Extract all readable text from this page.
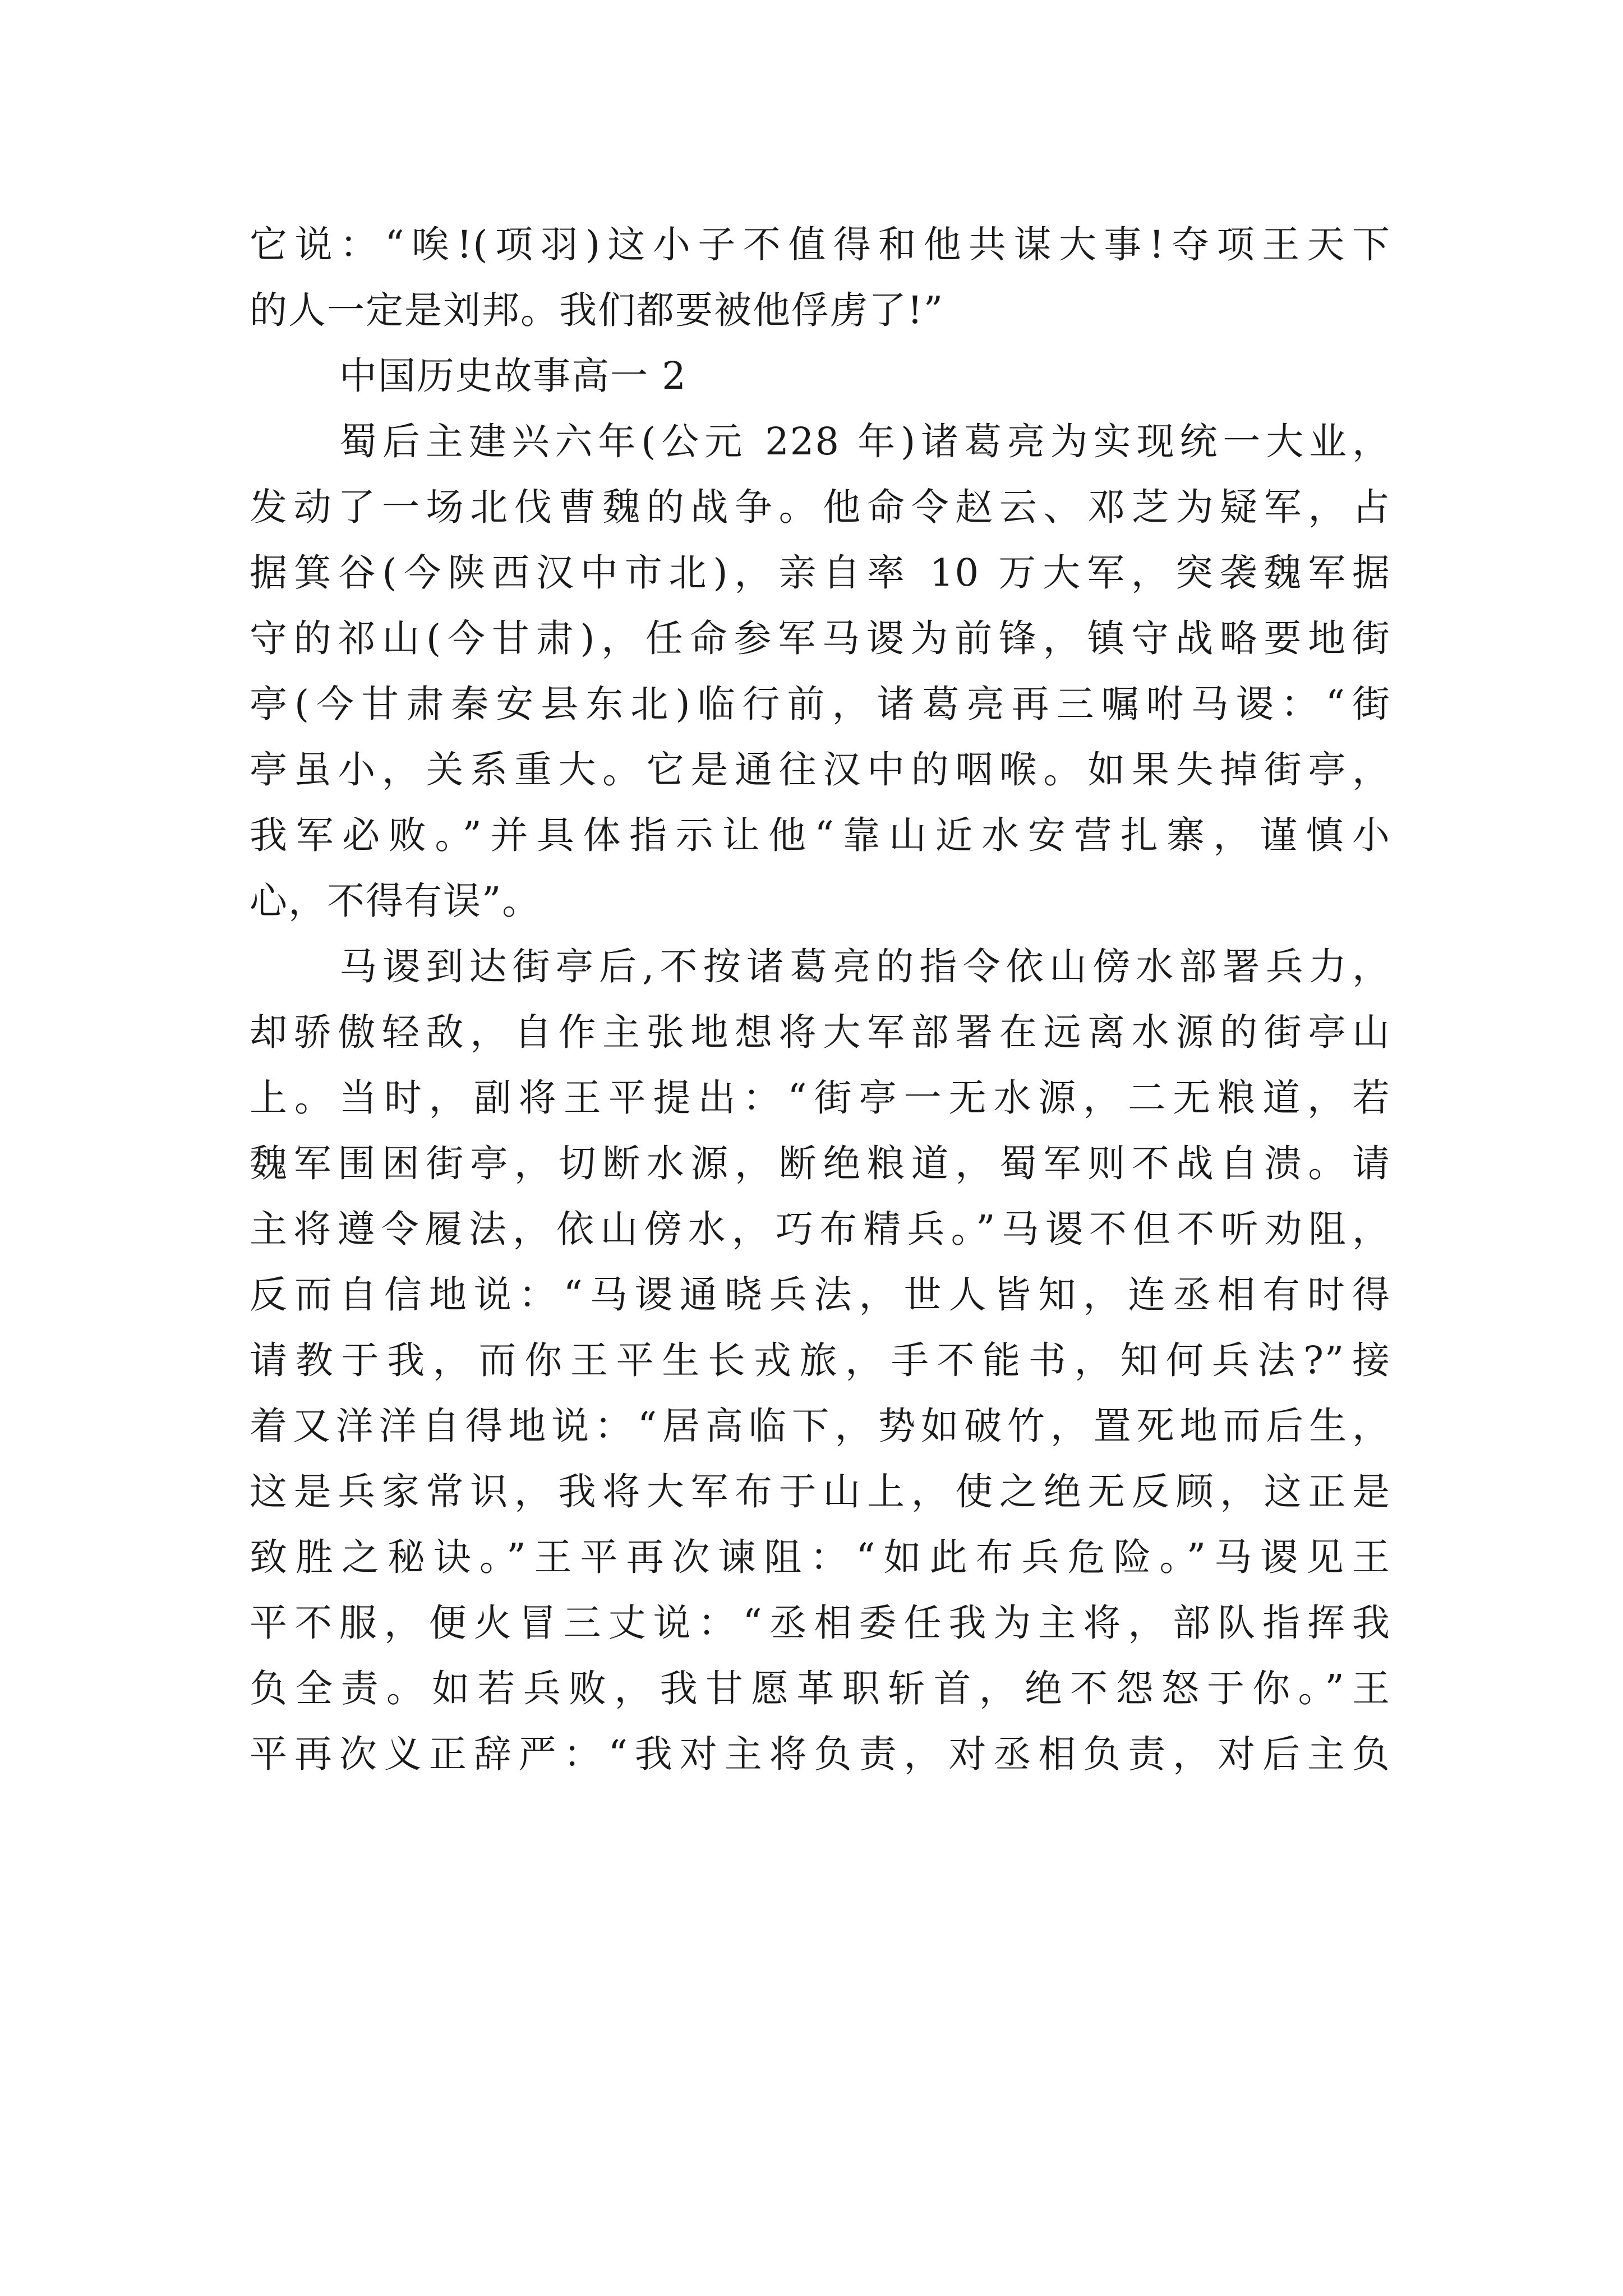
它说：“唉!(项羽)这小子不值得和他共谋大事!夺项王天下
的人一定是刘邦。我们都要被他俘虏了!”
中国历史故事高一 2
蜀后主建兴六年(公元 228 年)诸葛亮为实现统一大业，
发动了一场北伐曹魏的战争。他命令赵云、邓芝为疑军，占
据箕谷(今陕西汉中市北)，亲自率 10 万大军，突袭魏军据
守的祁山(今甘肃)，任命参军马谡为前锋，镇守战略要地街
亭(今甘肃秦安县东北)临行前，诸葛亮再三嘱咐马谡：“街
亭虽小，关系重大。它是通往汉中的咽喉。如果失掉街亭，
我军必败。”并具体指示让他“靠山近水安营扎寨，谨慎小
心，不得有误”。
马谡到达街亭后,不按诸葛亮的指令依山傍水部署兵力，
却骄傲轻敌，自作主张地想将大军部署在远离水源的街亭山
上。当时，副将王平提出：“街亭一无水源，二无粮道，若
魏军围困街亭，切断水源，断绝粮道，蜀军则不战自溃。请
主将遵令履法，依山傍水，巧布精兵。”马谡不但不听劝阻，
反而自信地说：“马谡通晓兵法，世人皆知，连丞相有时得
请教于我，而你王平生长戎旅，手不能书，知何兵法?”接
着又洋洋自得地说：“居高临下，势如破竹，置死地而后生，
这是兵家常识，我将大军布于山上，使之绝无反顾，这正是
致胜之秘诀。”王平再次谏阻：“如此布兵危险。”马谡见王
平不服，便火冒三丈说：“丞相委任我为主将，部队指挥我
负全责。如若兵败，我甘愿革职斩首，绝不怨怒于你。”王
平再次义正辞严：“我对主将负责，对丞相负责，对后主负
